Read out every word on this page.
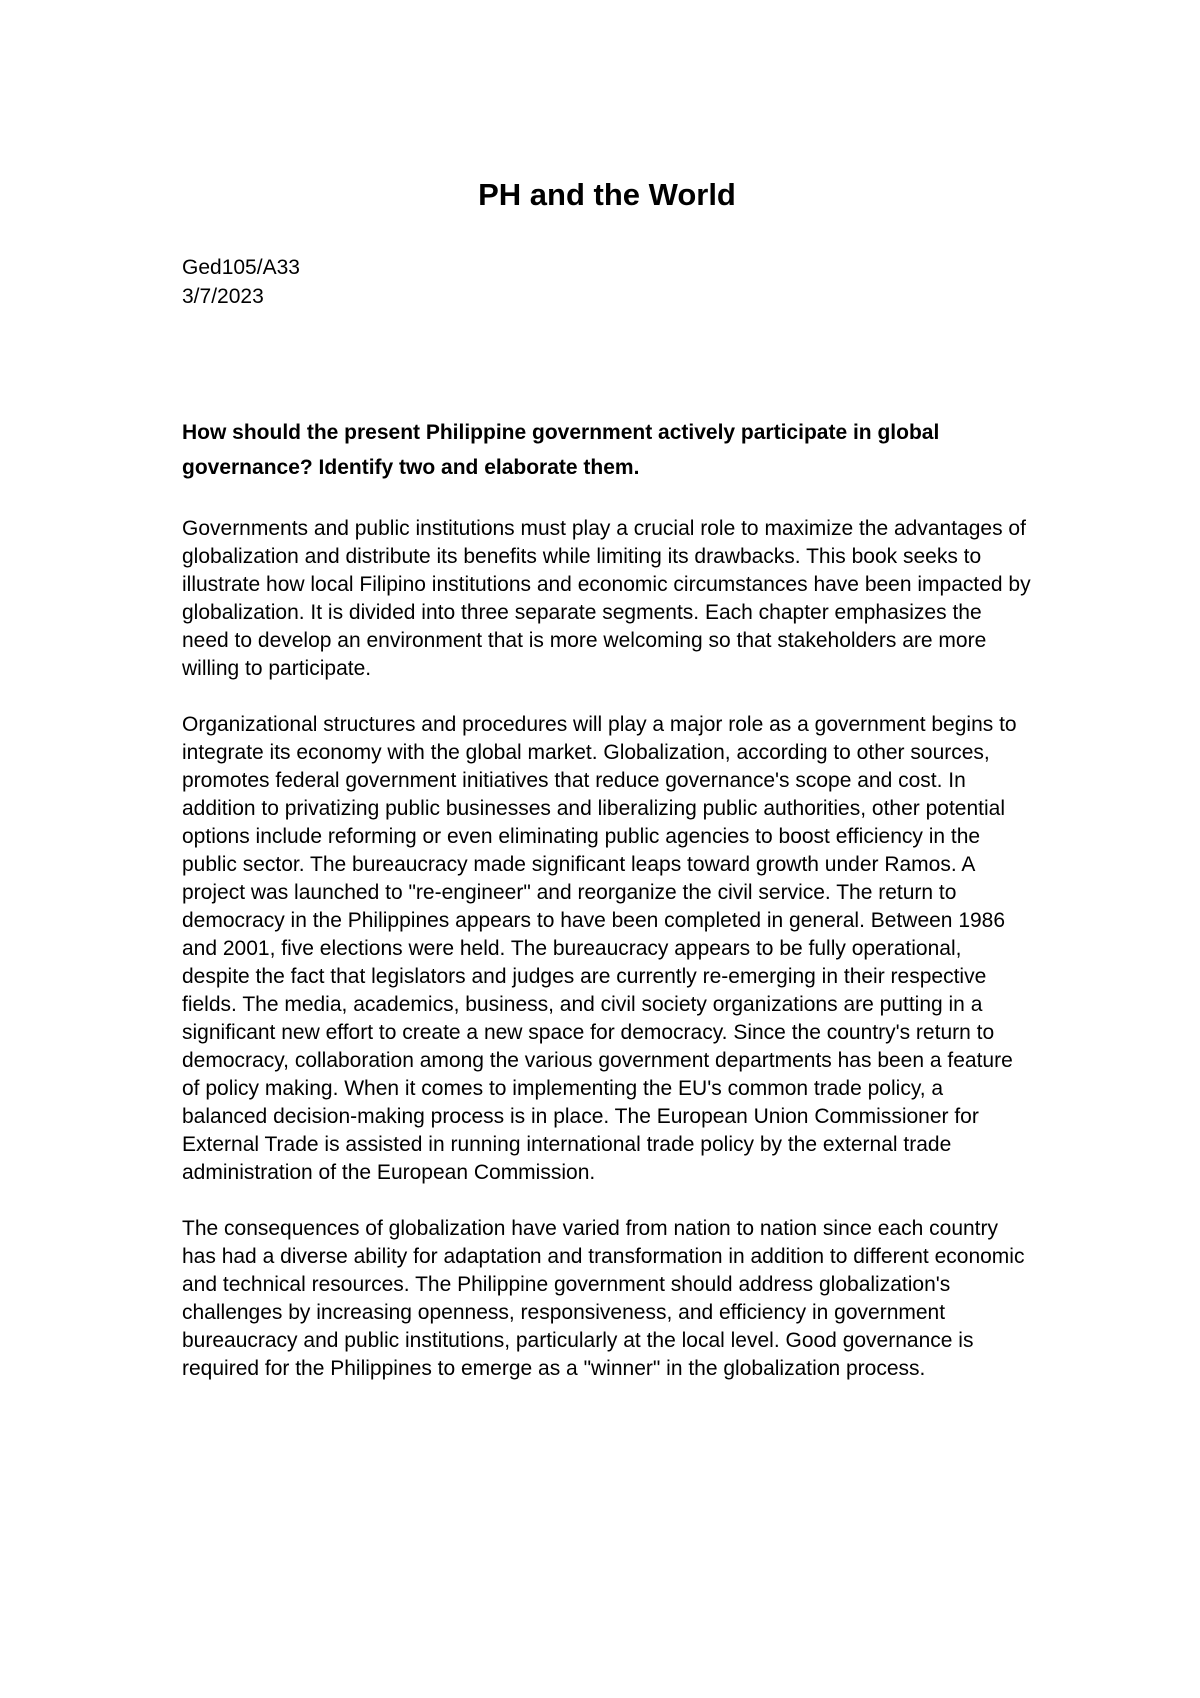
PH and the World
Ged105/A33
3/7/2023
How should the present Philippine government actively participate in global governance? Identify two and elaborate them.

Governments and public institutions must play a crucial role to maximize the advantages of globalization and distribute its benefits while limiting its drawbacks. This book seeks to illustrate how local Filipino institutions and economic circumstances have been impacted by globalization. It is divided into three separate segments. Each chapter emphasizes the need to develop an environment that is more welcoming so that stakeholders are more willing to participate.

Organizational structures and procedures will play a major role as a government begins to integrate its economy with the global market. Globalization, according to other sources, promotes federal government initiatives that reduce governance's scope and cost. In addition to privatizing public businesses and liberalizing public authorities, other potential options include reforming or even eliminating public agencies to boost efficiency in the public sector. The bureaucracy made significant leaps toward growth under Ramos. A project was launched to "re-engineer" and reorganize the civil service. The return to democracy in the Philippines appears to have been completed in general. Between 1986 and 2001, five elections were held. The bureaucracy appears to be fully operational, despite the fact that legislators and judges are currently re-emerging in their respective fields. The media, academics, business, and civil society organizations are putting in a significant new effort to create a new space for democracy. Since the country's return to democracy, collaboration among the various government departments has been a feature of policy making. When it comes to implementing the EU's common trade policy, a balanced decision-making process is in place. The European Union Commissioner for External Trade is assisted in running international trade policy by the external trade administration of the European Commission.

The consequences of globalization have varied from nation to nation since each country has had a diverse ability for adaptation and transformation in addition to different economic and technical resources. The Philippine government should address globalization's challenges by increasing openness, responsiveness, and efficiency in government bureaucracy and public institutions, particularly at the local level. Good governance is required for the Philippines to emerge as a "winner" in the globalization process.
